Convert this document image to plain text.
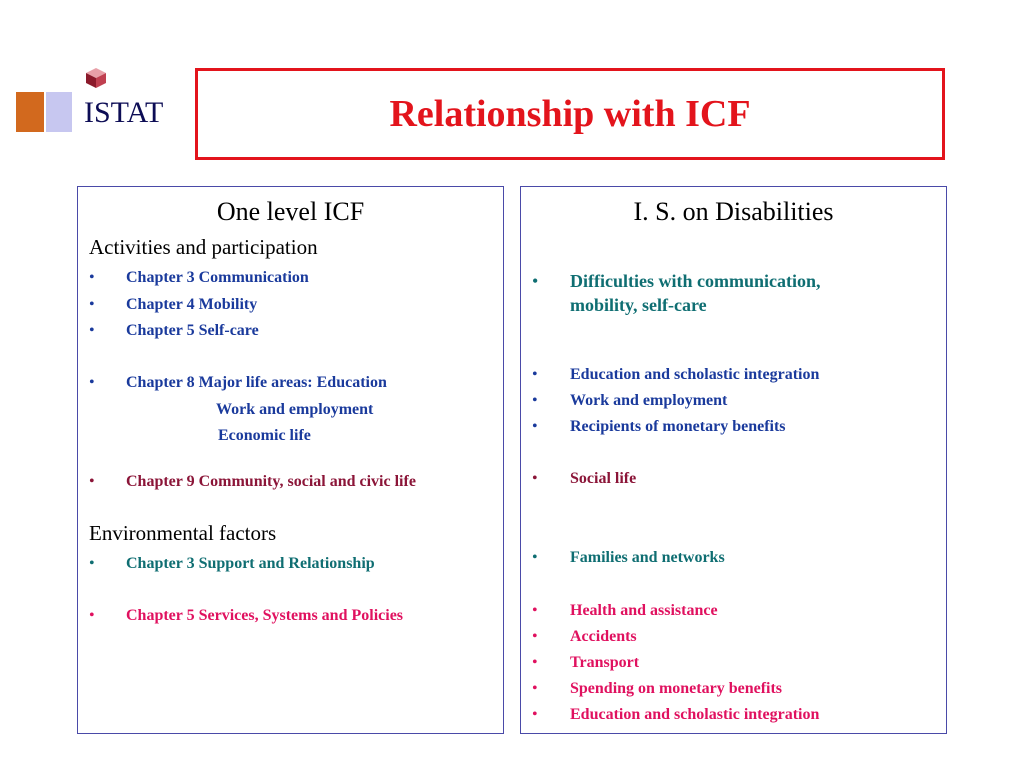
ISTAT	Relationship with ICF
One level ICF
Activities and participation
• Chapter 3 Communication
• Chapter 4 Mobility
• Chapter 5 Self-care
• Chapter 8 Major life areas: Education
Work and employment
Economic life
• Chapter 9 Community, social and civic life
Environmental factors
• Chapter 3 Support and Relationship
• Chapter 5 Services, Systems and Policies
I. S. on Disabilities
• Difficulties with communication,
mobility, self-care
• Education and scholastic integration
• Work and employment
• Recipients of monetary benefits
• Social life
• Families and networks
• Health and assistance
• Accidents
• Transport
• Spending on monetary benefits
• Education and scholastic integration
